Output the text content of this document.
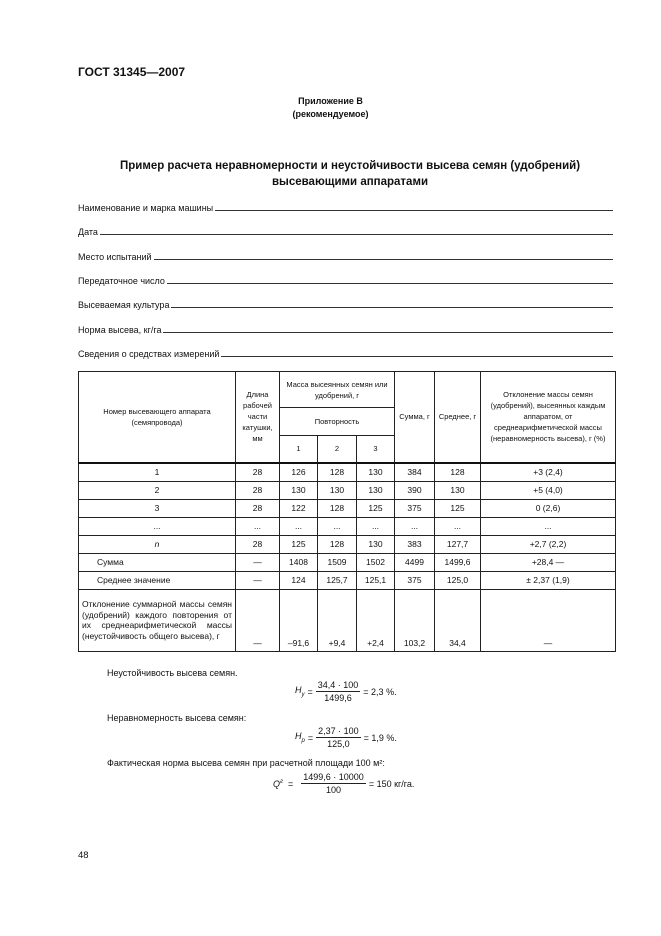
ГОСТ 31345—2007
Приложение В
(рекомендуемое)
Пример расчета неравномерности и неустойчивости высева семян (удобрений)
высевающими аппаратами
Наименование и марка машины
Дата
Место испытаний
Передаточное число
Высеваемая культура
Норма высева, кг/га
Сведения о средствах измерений
Номер высевающего аппарата (семяпровода)	Длина рабочей части катушки, мм	Масса высеянных семян или удобрений, г			Сумма, г	Среднее, г	Отклонение массы семян (удобрений), высеянных каждым аппаратом, от среднеарифметической массы (неравномерность высева), г (%)
		Повторность					
		1	2	3			
1	28	126	128	130	384	128	+3 (2,4)
2	28	130	130	130	390	130	+5 (4,0)
3	28	122	128	125	375	125	0 (2,6)
...	...	...	...	...	...	...	...
n	28	125	128	130	383	127,7	+2,7 (2,2)
Сумма	—	1408	1509	1502	4499	1499,6	+28,4 —
Среднее значение	—	124	125,7	125,1	375	125,0	± 2,37 (1,9)
Отклонение суммарной массы семян (удобрений) каждого повторения от их среднеарифметической массы (неустойчивость общего высева), г	—	–91,6	+9,4	+2,4	103,2	34,4	—
Неустойчивость высева семян.
$H_у = \frac{34,4 \cdot 100}{1499,6} = 2,3$ %.
Неравномерность высева семян:
$H_р = \frac{2,37 \cdot 100}{125,0} = 1,9$ %.
Фактическая норма высева семян при расчетной площади 100 м²:
$Q^г = \frac{1499,6 \cdot 10000}{100} = 150$ кг/га.
48
